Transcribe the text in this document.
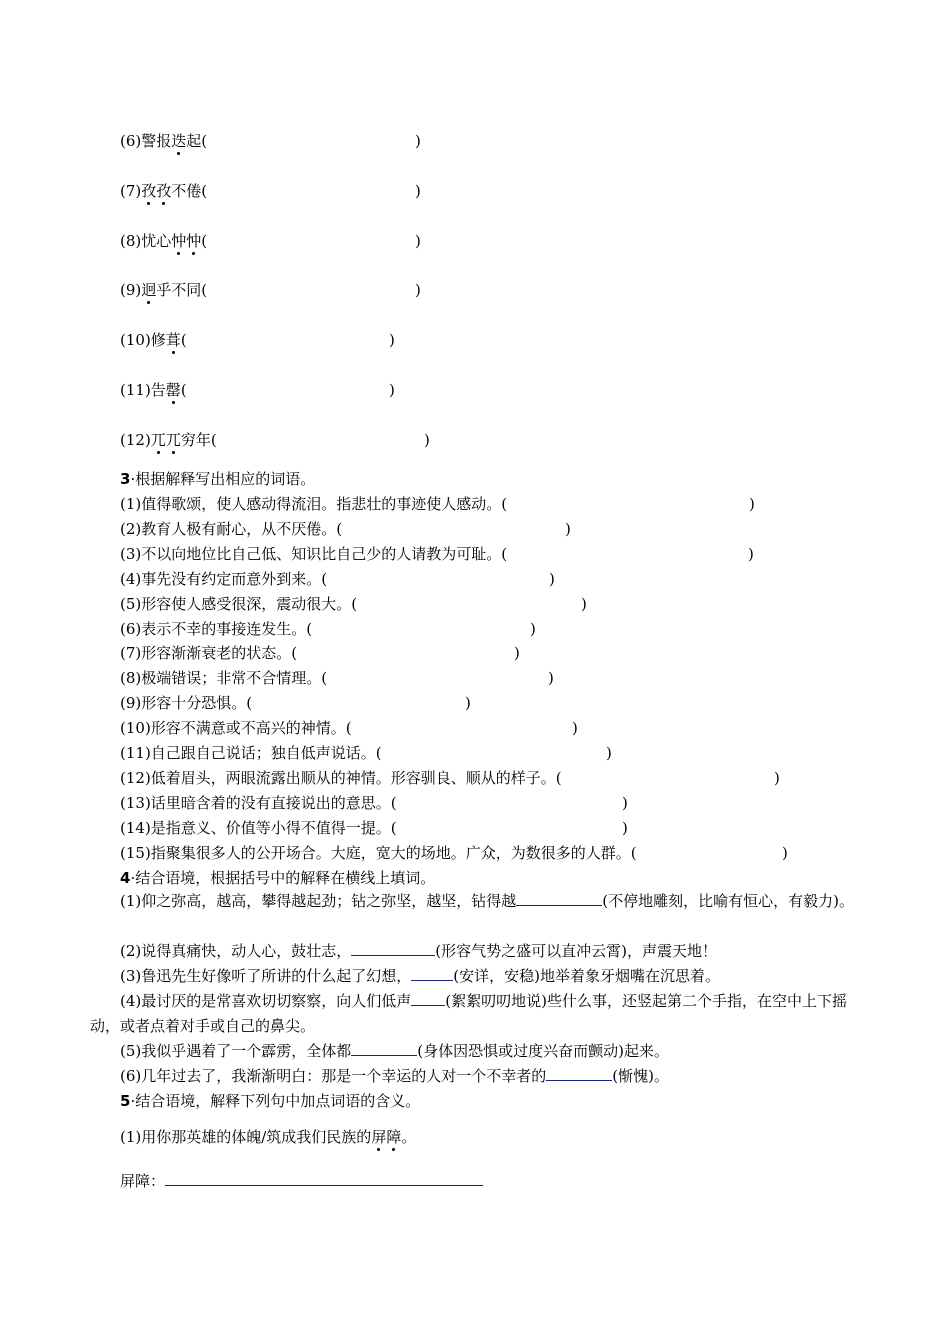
(6)警报迭起(	)
(7)孜孜不倦(	)
(8)忧心忡忡(	)
(9)迥乎不同(	)
(10)修葺(	)
(11)告罄(	)
(12)兀兀穷年(	)
3·根据解释写出相应的词语。
(1)值得歌颂，使人感动得流泪。指悲壮的事迹使人感动。(	)
(2)教育人极有耐心，从不厌倦。(	)
(3)不以向地位比自己低、知识比自己少的人请教为可耻。(	)
(4)事先没有约定而意外到来。(	)
(5)形容使人感受很深，震动很大。(	)
(6)表示不幸的事接连发生。(	)
(7)形容渐渐衰老的状态。(	)
(8)极端错误；非常不合情理。(	)
(9)形容十分恐惧。(	)
(10)形容不满意或不高兴的神情。(	)
(11)自己跟自己说话；独自低声说话。(	)
(12)低着眉头，两眼流露出顺从的神情。形容驯良、顺从的样子。(	)
(13)话里暗含着的没有直接说出的意思。(	)
(14)是指意义、价值等小得不值得一提。(	)
(15)指聚集很多人的公开场合。大庭，宽大的场地。广众，为数很多的人群。(	)
4·结合语境，根据括号中的解释在横线上填词。
(1)仰之弥高，越高，攀得越起劲；钻之弥坚，越坚，钻得越	(不停地雕刻，比喻有恒心，有毅力)。
(2)说得真痛快，动人心，鼓壮志，	(形容气势之盛可以直冲云霄)，声震天地！
(3)鲁迅先生好像听了所讲的什么起了幻想，	(安详，安稳)地举着象牙烟嘴在沉思着。
(4)最讨厌的是常喜欢切切察察，向人们低声 (絮絮叨叨地说)些什么事，还竖起第二个手指，在空中上下摇动，或者点着对手或自己的鼻尖。
(5)我似乎遇着了一个霹雳，全体都	(身体因恐惧或过度兴奋而颤动)起来。
(6)几年过去了，我渐渐明白：那是一个幸运的人对一个不幸者的	(惭愧)。
5·结合语境，解释下列句中加点词语的含义。
(1)用你那英雄的体魄/筑成我们民族的屏障。
屏障：
